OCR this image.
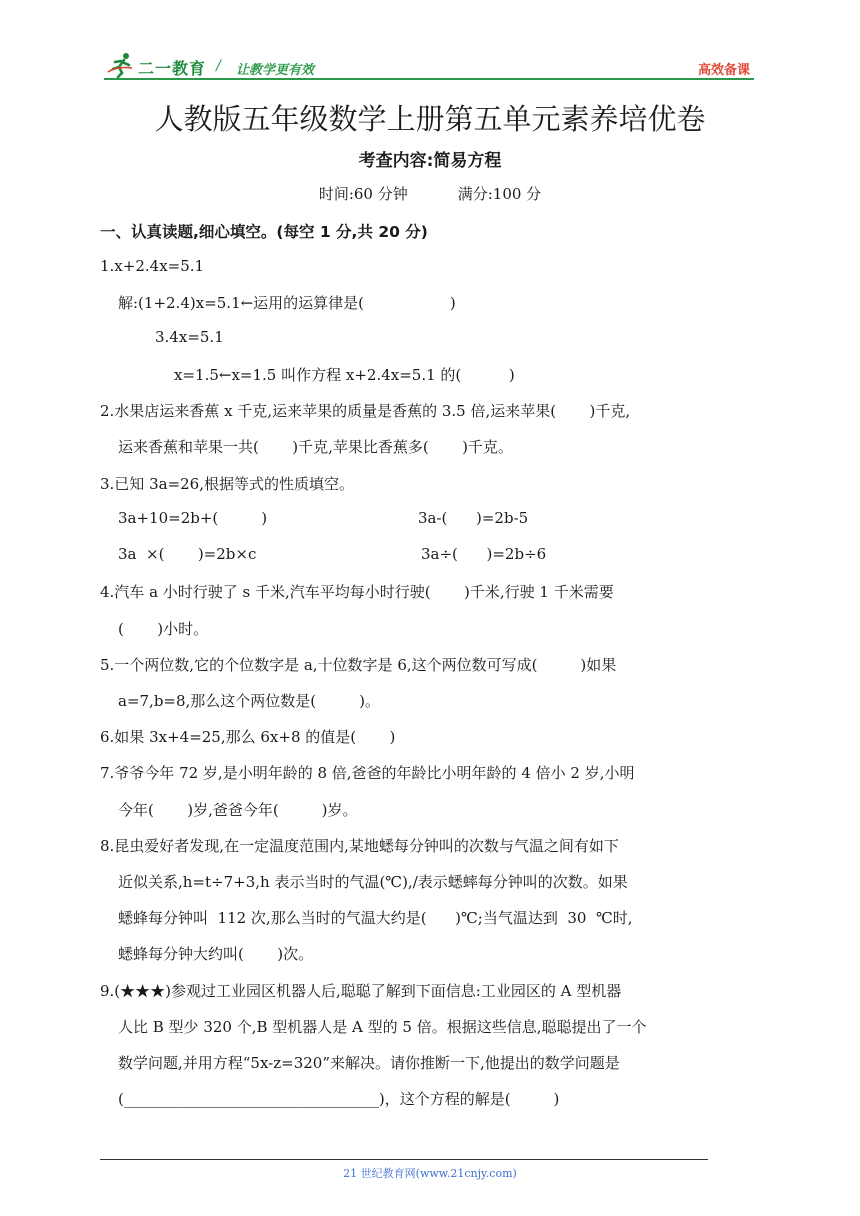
二一教育 / 让教学更有效	高效备课
人教版五年级数学上册第五单元素养培优卷
考查内容:简易方程
时间:60 分钟	满分:100 分
一、认真读题,细心填空。(每空 1 分,共 20 分)
1.x+2.4x=5.1
解:(1+2.4)x=5.1←运用的运算律是(                  )
3.4x=5.1
x=1.5←x=1.5 叫作方程 x+2.4x=5.1 的(          )
2.水果店运来香蕉 x 千克,运来苹果的质量是香蕉的 3.5 倍,运来苹果(       )千克,
运来香蕉和苹果一共(       )千克,苹果比香蕉多(       )千克。
3.已知 3a=26,根据等式的性质填空。
3a+10=2b+(         )	3a-(      )=2b-5
3a  ×(       )=2b×c	3a÷(      )=2b÷6
4.汽车 a 小时行驶了 s 千米,汽车平均每小时行驶(       )千米,行驶 1 千米需要
(       )小时。
5.一个两位数,它的个位数字是 a,十位数字是 6,这个两位数可写成(         )如果
a=7,b=8,那么这个两位数是(         )。
6.如果 3x+4=25,那么 6x+8 的值是(       )
7.爷爷今年 72 岁,是小明年龄的 8 倍,爸爸的年龄比小明年龄的 4 倍小 2 岁,小明
今年(       )岁,爸爸今年(         )岁。
8.昆虫爱好者发现,在一定温度范围内,某地蟋每分钟叫的次数与气温之间有如下
近似关系,h=t÷7+3,h 表示当时的气温(℃),/表示蟋蟀每分钟叫的次数。如果
蟋蜂每分钟叫  112 次,那么当时的气温大约是(      )℃;当气温达到  30  ℃时,
蟋蜂每分钟大约叫(       )次。
9.(★★★)参观过工业园区机器人后,聪聪了解到下面信息:工业园区的 A 型机器
人比 B 型少 320 个,B 型机器人是 A 型的 5 倍。根据这些信息,聪聪提出了一个
数学问题,并用方程“5x-z=320”来解决。请你推断一下,他提出的数学问题是
(__________________________________)，这个方程的解是(         )
21 世纪教育网(www.21cnjy.com)
